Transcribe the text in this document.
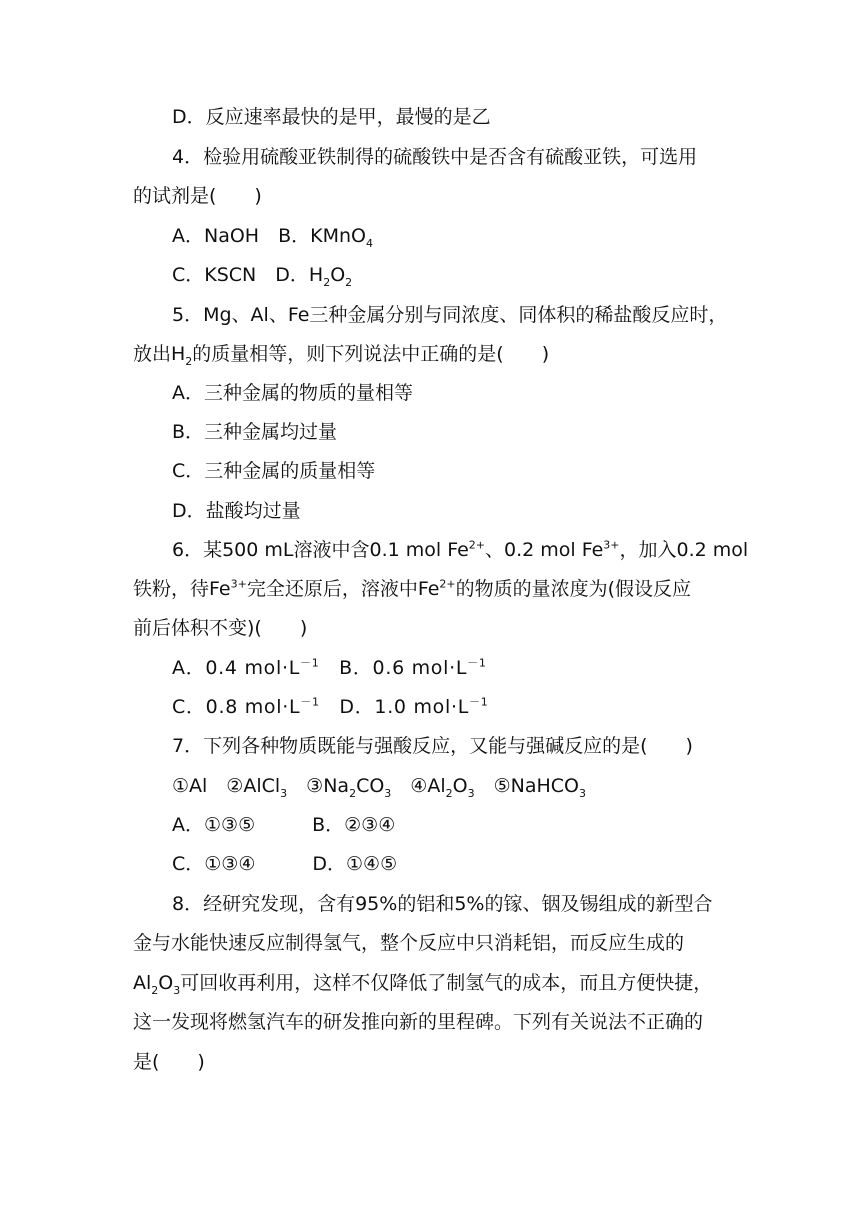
D．反应速率最快的是甲，最慢的是乙
4．检验用硫酸亚铁制得的硫酸铁中是否含有硫酸亚铁，可选用
的试剂是(　　)
A．NaOH　B．KMnO$_4$
C．KSCN　D．$H_2O_2$
5．Mg、Al、Fe三种金属分别与同浓度、同体积的稀盐酸反应时，
放出$H_2$的质量相等，则下列说法中正确的是(　　)
A．三种金属的物质的量相等
B．三种金属均过量
C．三种金属的质量相等
D．盐酸均过量
6．某500 mL溶液中含0.1 mol $Fe^{2+}$、0.2 mol $Fe^{3+}$，加入0.2 mol
铁粉，待$Fe^{3+}$完全还原后，溶液中$Fe^{2+}$的物质的量浓度为(假设反应
前后体积不变)(　　)
A．0.4 $mol\cdot L^{-1}$　B．0.6 $mol\cdot L^{-1}$
C．0.8 $mol\cdot L^{-1}$　D．1.0 $mol\cdot L^{-1}$
7．下列各种物质既能与强酸反应，又能与强碱反应的是(　　)
①Al　②AlCl$_3$　$③Na_2CO_3$　$④Al_2O_3$　⑤NaHCO$_3$
A．①③⑤　　　B．②③④
C．①③④　　　D．①④⑤
8．经研究发现，含有95%的铝和5%的镓、铟及锡组成的新型合
金与水能快速反应制得氢气，整个反应中只消耗铝，而反应生成的
$Al_2O_3$可回收再利用，这样不仅降低了制氢气的成本，而且方便快捷，
这一发现将燃氢汽车的研发推向新的里程碑。下列有关说法不正确的
是(　　)
